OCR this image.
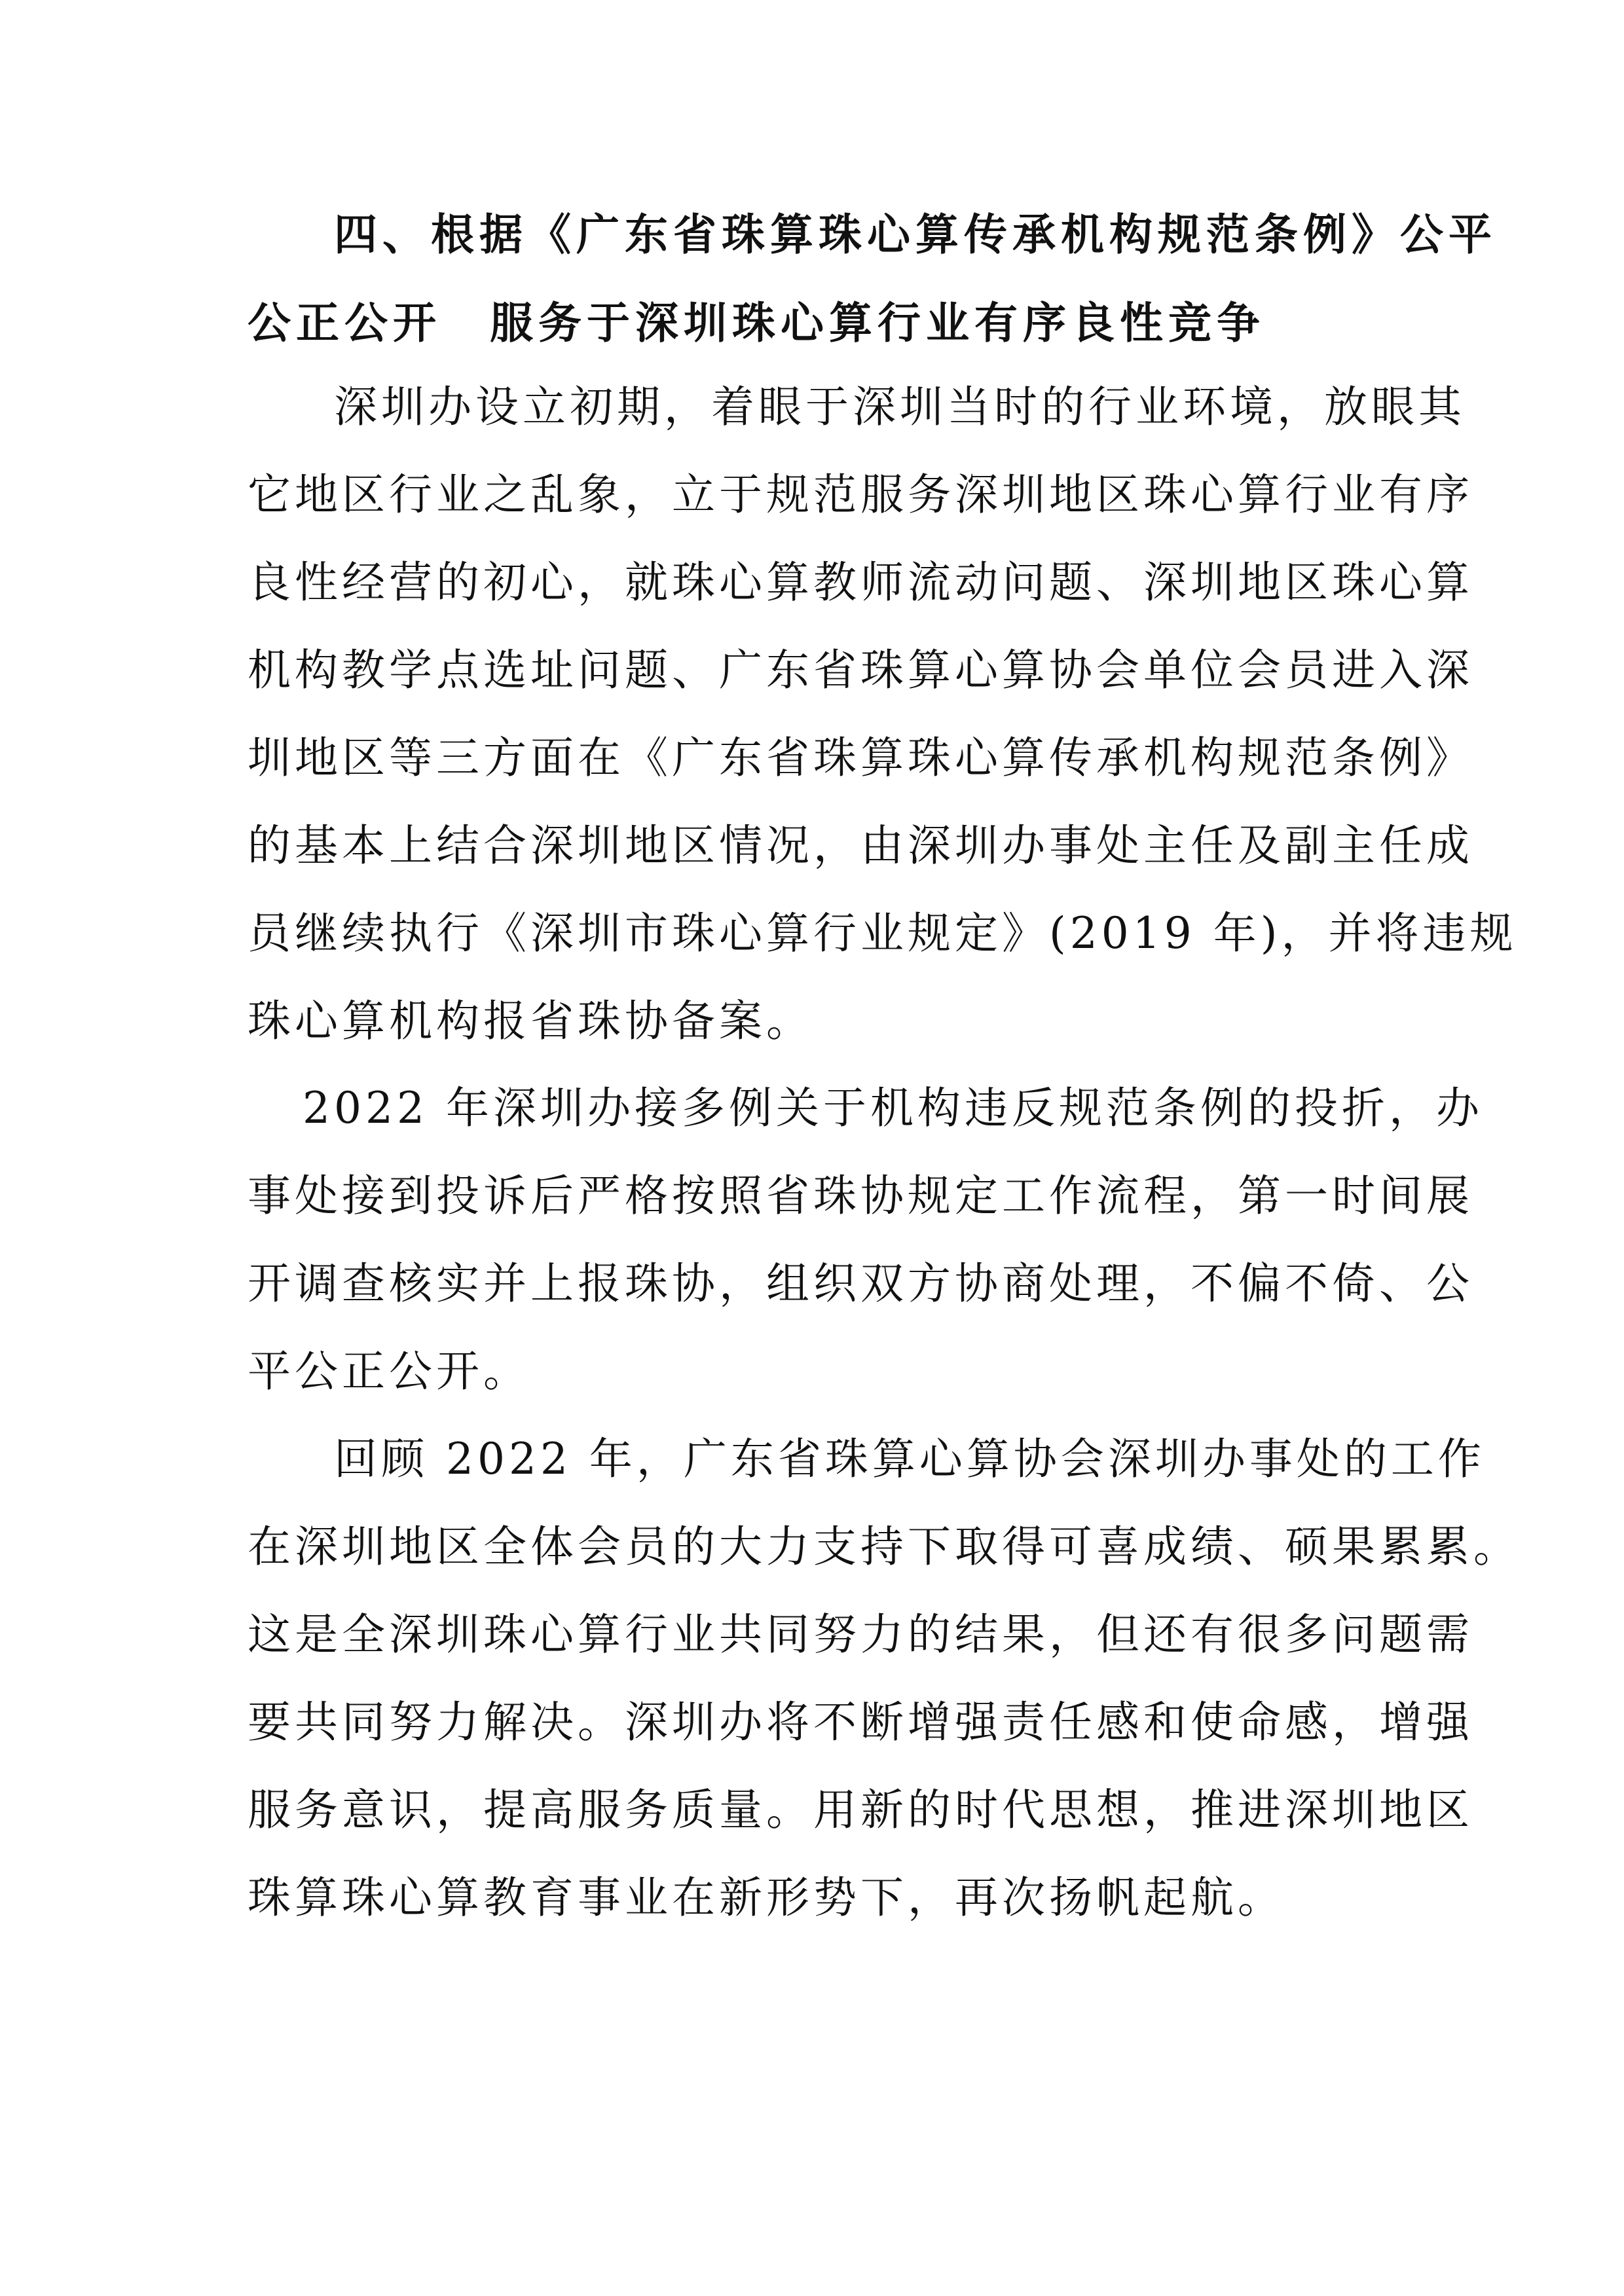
四、根据《广东省珠算珠心算传承机构规范条例》公平
公正公开　服务于深圳珠心算行业有序良性竞争
深圳办设立初期，着眼于深圳当时的行业环境，放眼其
它地区行业之乱象，立于规范服务深圳地区珠心算行业有序
良性经营的初心，就珠心算教师流动问题、深圳地区珠心算
机构教学点选址问题、广东省珠算心算协会单位会员进入深
圳地区等三方面在《广东省珠算珠心算传承机构规范条例》
的基本上结合深圳地区情况，由深圳办事处主任及副主任成
员继续执行《深圳市珠心算行业规定》(2019 年)，并将违规
珠心算机构报省珠协备案。
2022 年深圳办接多例关于机构违反规范条例的投折，办
事处接到投诉后严格按照省珠协规定工作流程，第一时间展
开调查核实并上报珠协，组织双方协商处理，不偏不倚、公
平公正公开。
回顾 2022 年，广东省珠算心算协会深圳办事处的工作
在深圳地区全体会员的大力支持下取得可喜成绩、硕果累累。
这是全深圳珠心算行业共同努力的结果，但还有很多问题需
要共同努力解决。深圳办将不断增强责任感和使命感，增强
服务意识，提高服务质量。用新的时代思想，推进深圳地区
珠算珠心算教育事业在新形势下，再次扬帆起航。
